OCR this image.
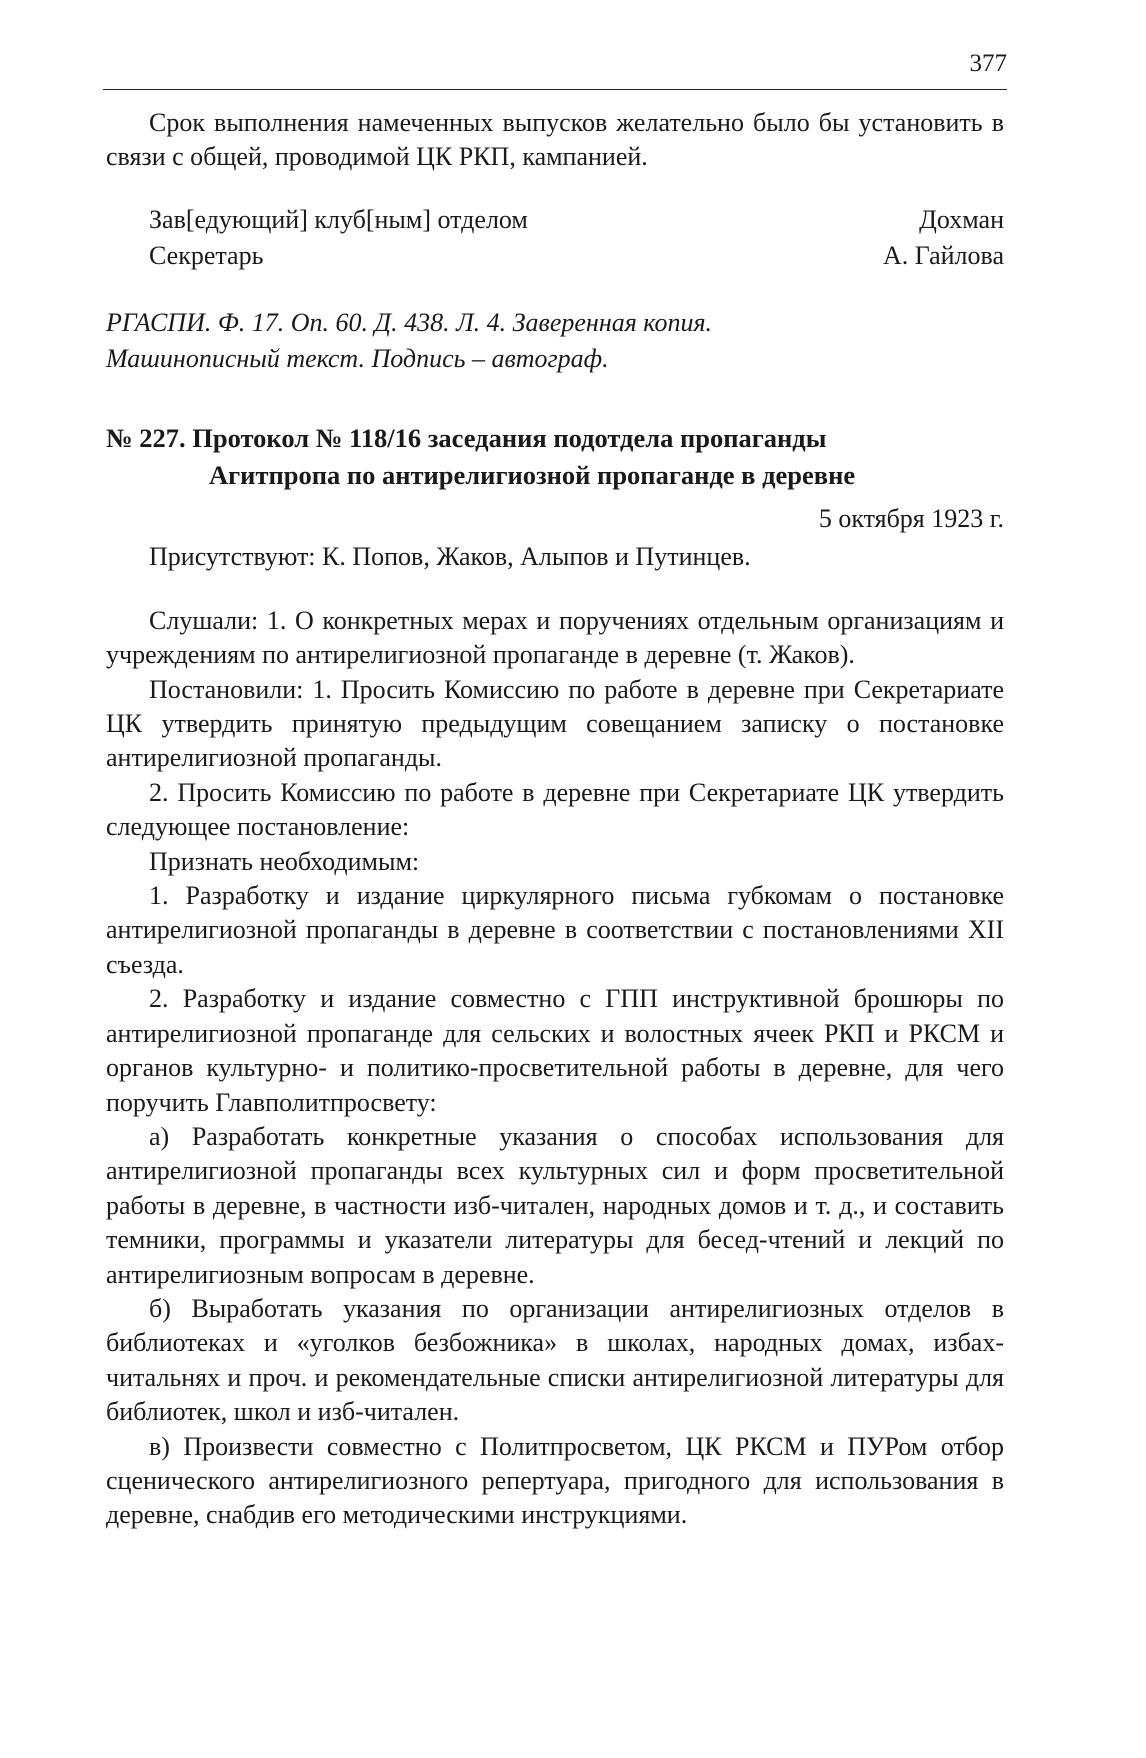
377

Срок выполнения намеченных выпусков желательно было бы установить в связи с общей, проводимой ЦК РКП, кампанией.

Зав[едующий] клуб[ным] отделом	Дохман
Секретарь	А. Гайлова
РГАСПИ. Ф. 17. Оп. 60. Д. 438. Л. 4. Заверенная копия.
Машинописный текст. Подпись – автограф.
№ 227. Протокол № 118/16 заседания подотдела пропаганды
Агитпропа по антирелигиозной пропаганде в деревне
5 октября 1923 г.

Присутствуют: К. Попов, Жаков, Алыпов и Путинцев.

Слушали: 1. О конкретных мерах и поручениях отдельным организациям и учреждениям по антирелигиозной пропаганде в деревне (т. Жаков).

Постановили: 1. Просить Комиссию по работе в деревне при Секретариате ЦК утвердить принятую предыдущим совещанием записку о постановке антирелигиозной пропаганды.

2. Просить Комиссию по работе в деревне при Секретариате ЦК утвердить следующее постановление:

Признать необходимым:

1. Разработку и издание циркулярного письма губкомам о постановке антирелигиозной пропаганды в деревне в соответствии с постановлениями XII съезда.

2. Разработку и издание совместно с ГПП инструктивной брошюры по антирелигиозной пропаганде для сельских и волостных ячеек РКП и РКСМ и органов культурно- и политико-просветительной работы в деревне, для чего поручить Главполитпросвету:

а) Разработать конкретные указания о способах использования для антирелигиозной пропаганды всех культурных сил и форм просветительной работы в деревне, в частности изб-читален, народных домов и т. д., и составить темники, программы и указатели литературы для бесед-чтений и лекций по антирелигиозным вопросам в деревне.

б) Выработать указания по организации антирелигиозных отделов в библиотеках и «уголков безбожника» в школах, народных домах, избах-читальнях и проч. и рекомендательные списки антирелигиозной литературы для библиотек, школ и изб-читален.

в) Произвести совместно с Политпросветом, ЦК РКСМ и ПУРом отбор сценического антирелигиозного репертуара, пригодного для использования в деревне, снабдив его методическими инструкциями.
